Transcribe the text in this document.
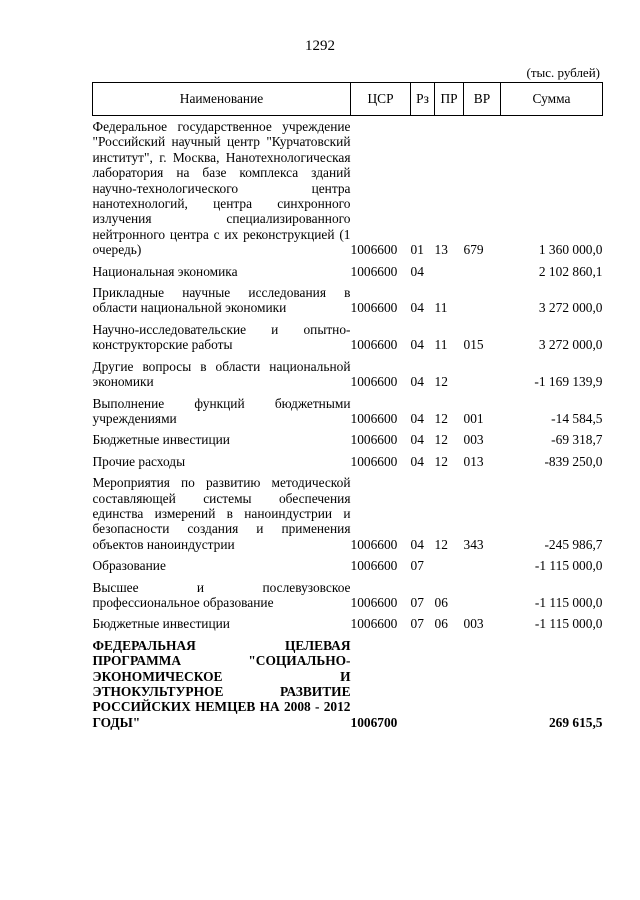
1292
(тыс. рублей)
Наименование	ЦСР	Рз	ПР	ВР	Сумма
Федеральное государственное учреждение "Российский научный центр "Курчатовский институт", г. Москва, Нанотехнологическая лаборатория на базе комплекса зданий научно-технологического центра нанотехнологий, центра синхронного излучения специализированного нейтронного центра с их реконструкцией (1 очередь)	1006600	01	13	679	1 360 000,0
Национальная экономика	1006600	04			2 102 860,1
Прикладные научные исследования в области национальной экономики	1006600	04	11		3 272 000,0
Научно-исследовательские и опытно-конструкторские работы	1006600	04	11	015	3 272 000,0
Другие вопросы в области национальной экономики	1006600	04	12		-1 169 139,9
Выполнение функций бюджетными учреждениями	1006600	04	12	001	-14 584,5
Бюджетные инвестиции	1006600	04	12	003	-69 318,7
Прочие расходы	1006600	04	12	013	-839 250,0
Мероприятия по развитию методической составляющей системы обеспечения единства измерений в наноиндустрии и безопасности создания и применения объектов наноиндустрии	1006600	04	12	343	-245 986,7
Образование	1006600	07			-1 115 000,0
Высшее и послевузовское профессиональное образование	1006600	07	06		-1 115 000,0
Бюджетные инвестиции	1006600	07	06	003	-1 115 000,0
ФЕДЕРАЛЬНАЯ ЦЕЛЕВАЯ ПРОГРАММА "СОЦИАЛЬНО-ЭКОНОМИЧЕСКОЕ И ЭТНОКУЛЬТУРНОЕ РАЗВИТИЕ РОССИЙСКИХ НЕМЦЕВ НА 2008 - 2012 ГОДЫ"	1006700				269 615,5
